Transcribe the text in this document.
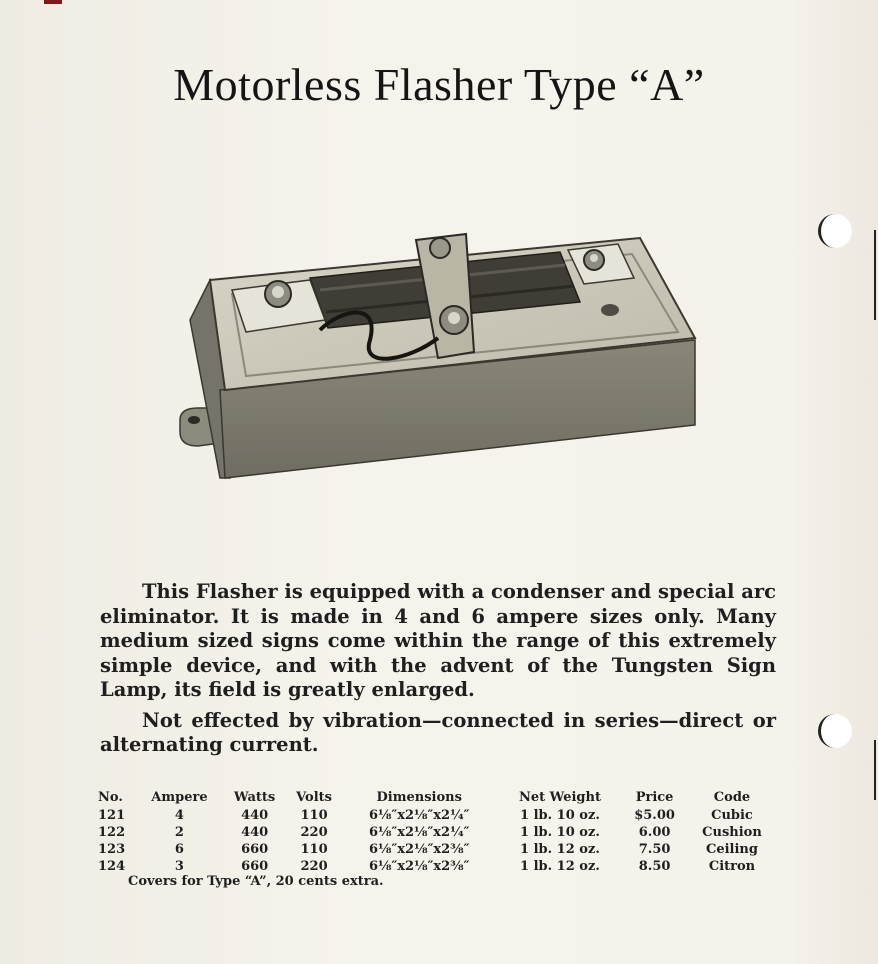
Motorless Flasher Type “A”

This Flasher is equipped with a condenser and special arc eliminator. It is made in 4 and 6 ampere sizes only. Many medium sized signs come within the range of this extremely simple device, and with the advent of the Tungsten Sign Lamp, its field is greatly enlarged.

Not effected by vibration—connected in series—direct or alternating current.

No.	Ampere	Watts	Volts	Dimensions	Net Weight	Price	Code
121	4	440	110	6⅛″x2⅛″x2¼″	1 lb. 10 oz.	$5.00	Cubic
122	2	440	220	6⅛″x2⅛″x2¼″	1 lb. 10 oz.	6.00	Cushion
123	6	660	110	6⅛″x2⅛″x2⅜″	1 lb. 12 oz.	7.50	Ceiling
124	3	660	220	6⅛″x2⅛″x2⅜″	1 lb. 12 oz.	8.50	Citron
Covers for Type “A”, 20 cents extra.
